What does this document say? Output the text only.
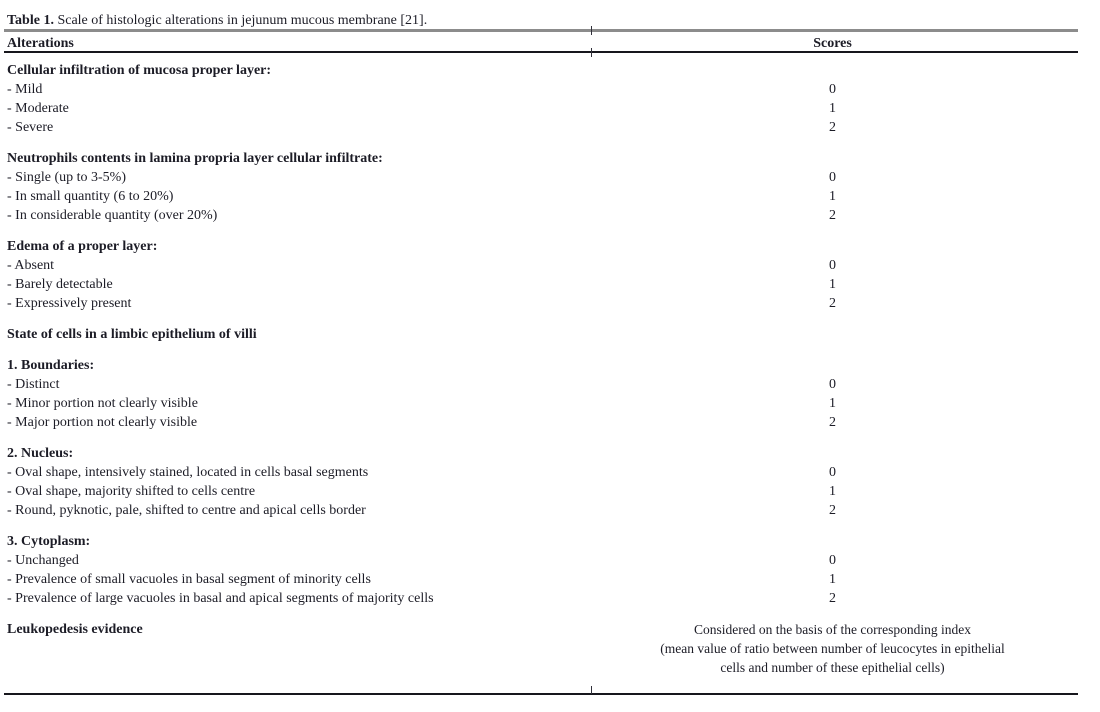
Table 1. Scale of histologic alterations in jejunum mucous membrane [21].
Alterations	Scores
Cellular infiltration of mucosa proper layer:
- Mild	0
- Moderate	1
- Severe	2
Neutrophils contents in lamina propria layer cellular infiltrate:
- Single (up to 3-5%)	0
- In small quantity (6 to 20%)	1
- In considerable quantity (over 20%)	2
Edema of a proper layer:
- Absent	0
- Barely detectable	1
- Expressively present	2
State of cells in a limbic epithelium of villi
1. Boundaries:
- Distinct	0
- Minor portion not clearly visible	1
- Major portion not clearly visible	2
2. Nucleus:
- Oval shape, intensively stained, located in cells basal segments	0
- Oval shape, majority shifted to cells centre	1
- Round, pyknotic, pale, shifted to centre and apical cells border	2
3. Cytoplasm:
- Unchanged	0
- Prevalence of small vacuoles in basal segment of minority cells	1
- Prevalence of large vacuoles in basal and apical segments of majority cells	2
Leukopedesis evidence	Considered on the basis of the corresponding index
(mean value of ratio between number of leucocytes in epithelial
cells and number of these epithelial cells)
